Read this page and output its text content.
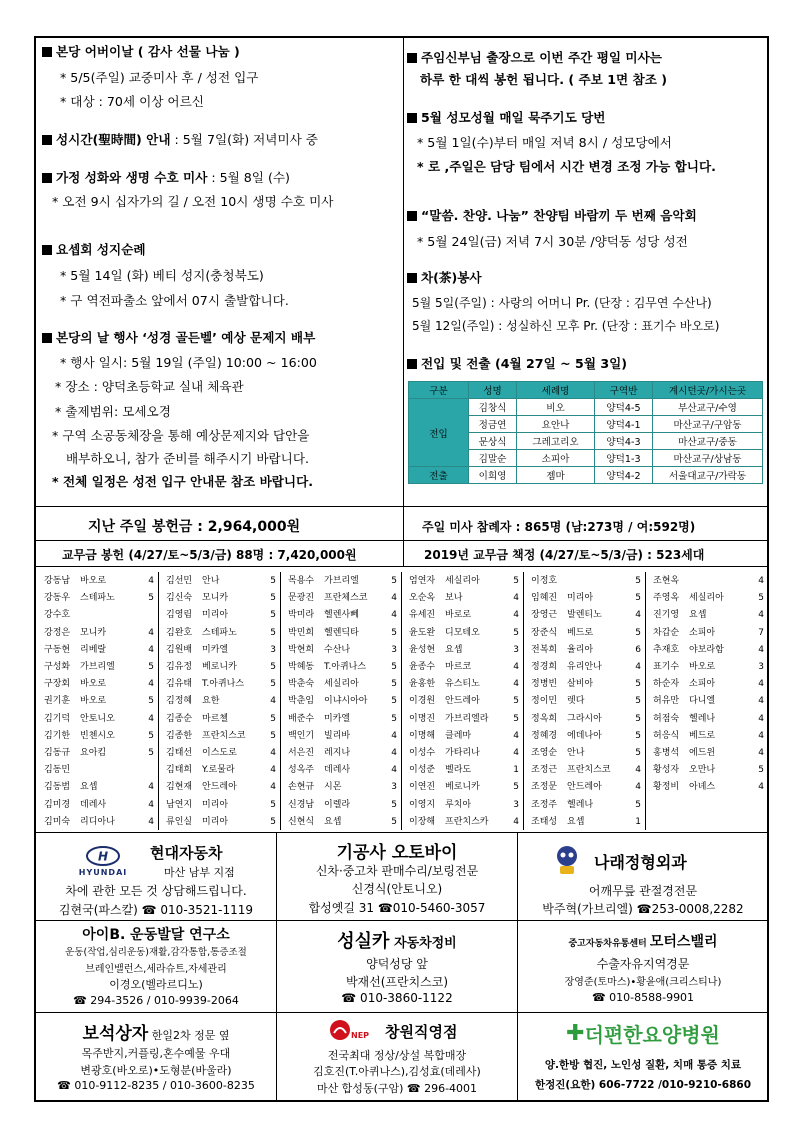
본당 어버이날 ( 감사 선물 나눔 )
* 5/5(주일) 교중미사 후 / 성전 입구
* 대상 : 70세 이상 어르신
성시간(聖時間) 안내 : 5월 7일(화) 저녁미사 중
가정 성화와 생명 수호 미사 : 5월 8일 (수)
* 오전 9시 십자가의 길 / 오전 10시 생명 수호 미사
요셉회 성지순례
* 5월 14일 (화) 베티 성지(충청북도)
* 구 역전파출소 앞에서 07시 출발합니다.
본당의 날 행사 ‘성경 골든벨’ 예상 문제지 배부
* 행사 일시: 5월 19일 (주일) 10:00 ~ 16:00
* 장소 : 양덕초등학교 실내 체육관
* 출제범위: 모세오경
* 구역 소공동체장을 통해 예상문제지와 답안을
배부하오니, 참가 준비를 해주시기 바랍니다.
* 전체 일정은 성전 입구 안내문 참조 바랍니다.
주임신부님 출장으로 이번 주간 평일 미사는
하루 한 대씩 봉헌 됩니다. ( 주보 1면 참조 )
5월 성모성월 매일 묵주기도 당번
* 5월 1일(수)부터 매일 저녁 8시 / 성모당에서
* 로 ,주일은 담당 팀에서 시간 변경 조정 가능 합니다.
“말씀. 찬양. 나눔” 찬양팀 바람끼 두 번째 음악회
* 5월 24일(금) 저녁 7시 30분 /양덕동 성당 성전
차(茶)봉사
5월 5일(주일) : 사랑의 어머니 Pr. (단장 : 김무연 수산나)
5월 12일(주일) : 성실하신 모후 Pr. (단장 : 표기수 바오로)
전입 및 전출 (4월 27일 ~ 5월 3일)
구분	성명	세례명	구역반	계시던곳/가시는곳
전입	김창식	비오	양덕4-5	부산교구/수영
	정금연	요안나	양덕4-1	마산교구/구암동
	문상식	그레고리오	양덕4-3	마산교구/중동
	김말순	소피아	양덕1-3	마산교구/상남동
전출	이희영	젬마	양덕4-2	서울대교구/가락동
지난 주일 봉헌금 : 2,964,000원	주일 미사 참례자 : 865명 (남:273명 / 여:592명)
교무금 봉헌 (4/27/토~5/3/금) 88명 : 7,420,000원	2019년 교무금 책정 (4/27/토~5/3/금) : 523세대
강동남 바오로	4
강동우 스테파노	5
강수호
강정은 모니카	4
구동현 리베랄	4
구성화 가브리엘	5
구장회 바오로	4
권기훈 바오로	5
김기덕 안토니오	4
김기한 빈첸시오	5
김동규 요아킴	5
김동민
김동범 요셉	4
김미경 데레사	4
김미숙 리디아나	4
김선민 안나	5
김신숙 모니카	5
김영림 미리아	5
김완호 스테파노	5
김원배 미카엘	3
김유정 베로니카	5
김유태 T.아퀴나스	5
김정혜 요한	4
김종순 마르첼	5
김종한 프란치스코	5
김태선 이스도로	4
김태희 Y.로물라	4
김현재 안드레아	4
남연지 미리아	5
류인실 미리아	5
목용수 가브리엘	5
문광진 프란체스코	4
박미라 헬렌사뻬	4
박민희 헬렌딕타	5
박현희 수산나	3
박혜동 T.아퀴나스	5
박춘숙 세실리아	5
박춘임 이냐시아아	5
배준수 미카엘	5
백인기 빌리바	4
서은진 레지나	4
성옥주 데레사	4
손현규 시몬	3
신경남 이렐라	5
신현식 요셉	5
엄연자 세실리아	5
오순옥 보나	4
유세진 바로로	4
윤도완 디모테오	5
윤성현 요셉	3
윤종수 마르코	4
윤홍한 유스티노	4
이경원 안드레아	5
이명진 가브리엘라	5
이명해 클레마	4
이성수 가타리나	4
이성준 벨라도	1
이연진 베로니카	5
이영지 루치아	3
이장해 프란치스카	4
이정호	5
임혜진 미리아	5
장영근 발렌티노	4
장준식 베드로	5
전복희 율리아	6
정경희 유리안나	4
정병빈 살비아	5
정이민 렛다	5
정옥희 그라시아	5
정혜경 에데나아	5
조영순 안나	5
조정근 프란치스코	4
조정문 안드레아	4
조정주 헬레나	5
조태성 요셉	1
조현옥	4
주영옥 세실리아	5
진기영 요셉	4
차갑순 소피아	7
추재호 야보라함	4
표기수 바오로	3
하순자 소피아	4
허유만 다니엘	4
허점숙 헬레나	4
허응식 베드로	4
홍병석 에드윈	4
황성자 오만나	5
황정비 아녜스	4
H
HYUNDAI
현대자동차
마산 남부 지점
차에 관한 모든 것 상담해드립니다.
김현국(파스칼) ☎ 010-3521-1119
기공사 오토바이
신차·중고차 판매수리/보링전문
신경식(안토니오)
합성옛길 31 ☎010-5460-3057
나래정형외과
어깨무릎 관절경전문
박주혁(가브리엘) ☎253-0008,2282
아이B. 운동발달 연구소
운동(작업,심리운동)재활,감각통합,통증조절
브레인밸런스,세라슈트,자세관리
이경오(벨라르디노)
☎ 294-3526 / 010-9939-2064
성실카 자동차정비
양덕성당 앞
박재선(프란치스코)
☎ 010-3860-1122
중고자동차유통센터 모터스밸리
수출자유지역경문
장영준(토마스)•황윤애(크리스티나)
☎ 010-8588-9901
보석상자 한일2차 정문 옆
목주반지,커플링,혼수예물 우대
변광호(바오로)•도형분(바울라)
☎ 010-9112-8235 / 010-3600-8235
NEP 창원직영점
전국최대 정상/상설 복합매장
김호진(T.아퀴나스),김성효(데레사)
마산 합성동(구암) ☎ 296-4001
✚더편한요양병원
양.한방 협진, 노인성 질환, 치매 통증 치료
한정진(요한) 606-7722 /010-9210-6860
